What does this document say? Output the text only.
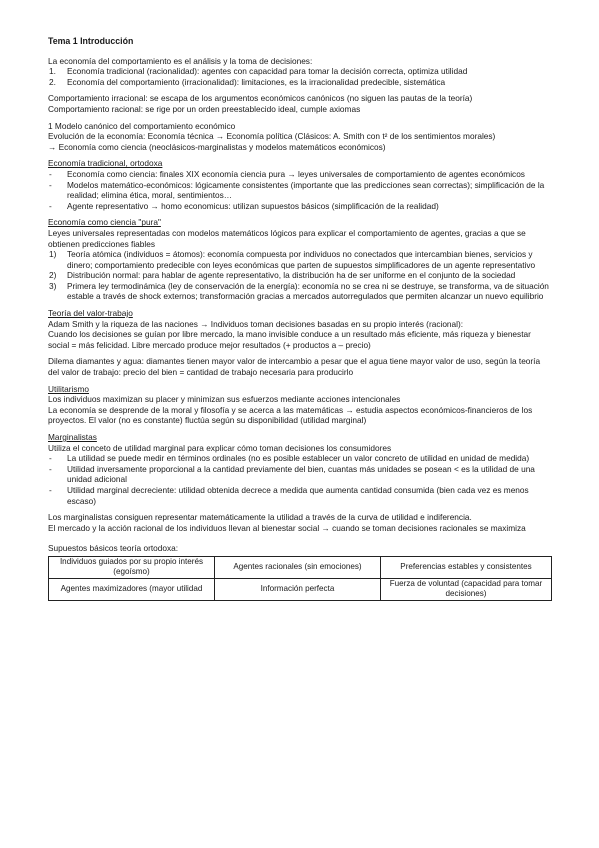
Tema 1 Introducción

La economía del comportamiento es el análisis y la toma de decisiones:

1. Economía tradicional (racionalidad): agentes con capacidad para tomar la decisión correcta, optimiza utilidad
2. Economía del comportamiento (irracionalidad): limitaciones, es la irracionalidad predecible, sistemática

Comportamiento irracional: se escapa de los argumentos económicos canónicos (no siguen las pautas de la teoría)

Comportamiento racional: se rige por un orden preestablecido ideal, cumple axiomas

1 Modelo canónico del comportamiento económico

Evolución de la economía: Economía técnica → Economía política (Clásicos: A. Smith con t² de los sentimientos morales)

→ Economía como ciencia (neoclásicos-marginalistas y modelos matemáticos económicos)

Economía tradicional, ortodoxa

- Economía como ciencia: finales XIX economía ciencia pura → leyes universales de comportamiento de agentes económicos
- Modelos matemático-económicos: lógicamente consistentes (importante que las predicciones sean correctas); simplificación de la realidad; elimina ética, moral, sentimientos…
- Agente representativo → homo economicus: utilizan supuestos básicos (simplificación de la realidad)

Economía como ciencia "pura"

Leyes universales representadas con modelos matemáticos lógicos para explicar el comportamiento de agentes, gracias a que se obtienen predicciones fiables

1) Teoría atómica (individuos = átomos): economía compuesta por individuos no conectados que intercambian bienes, servicios y dinero; comportamiento predecible con leyes económicas que parten de supuestos simplificadores de un agente representativo
2) Distribución normal: para hablar de agente representativo, la distribución ha de ser uniforme en el conjunto de la sociedad
3) Primera ley termodinámica (ley de conservación de la energía): economía no se crea ni se destruye, se transforma, va de situación estable a través de shock externos; transformación gracias a mercados autorregulados que permiten alcanzar un nuevo equilibrio

Teoría del valor-trabajo

Adam Smith y la riqueza de las naciones → Individuos toman decisiones basadas en su propio interés (racional):

Cuando los decisiones se guían por libre mercado, la mano invisible conduce a un resultado más eficiente, más riqueza y bienestar social = más felicidad. Libre mercado produce mejor resultados (+ productos a – precio)

Dilema diamantes y agua: diamantes tienen mayor valor de intercambio a pesar que el agua tiene mayor valor de uso, según la teoría del valor de trabajo: precio del bien = cantidad de trabajo necesaria para producirlo

Utilitarismo

Los individuos maximizan su placer y minimizan sus esfuerzos mediante acciones intencionales

La economía se desprende de la moral y filosofía y se acerca a las matemáticas → estudia aspectos económicos-financieros de los proyectos. El valor (no es constante) fluctúa según su disponibilidad (utilidad marginal)

Marginalistas

Utiliza el conceto de utilidad marginal para explicar cómo toman decisiones los consumidores

- La utilidad se puede medir en términos ordinales (no es posible establecer un valor concreto de utilidad en unidad de medida)
- Utilidad inversamente proporcional a la cantidad previamente del bien, cuantas más unidades se posean < es la utilidad de una unidad adicional
- Utilidad marginal decreciente: utilidad obtenida decrece a medida que aumenta cantidad consumida (bien cada vez es menos escaso)

Los marginalistas consiguen representar matemáticamente la utilidad a través de la curva de utilidad e indiferencia.

El mercado y la acción racional de los individuos llevan al bienestar social → cuando se toman decisiones racionales se maximiza

Supuestos básicos teoría ortodoxa:

Individuos guiados por su propio interés (egoísmo)	Agentes racionales (sin emociones)	Preferencias estables y consistentes
Agentes maximizadores (mayor utilidad	Información perfecta	Fuerza de voluntad (capacidad para tomar decisiones)
